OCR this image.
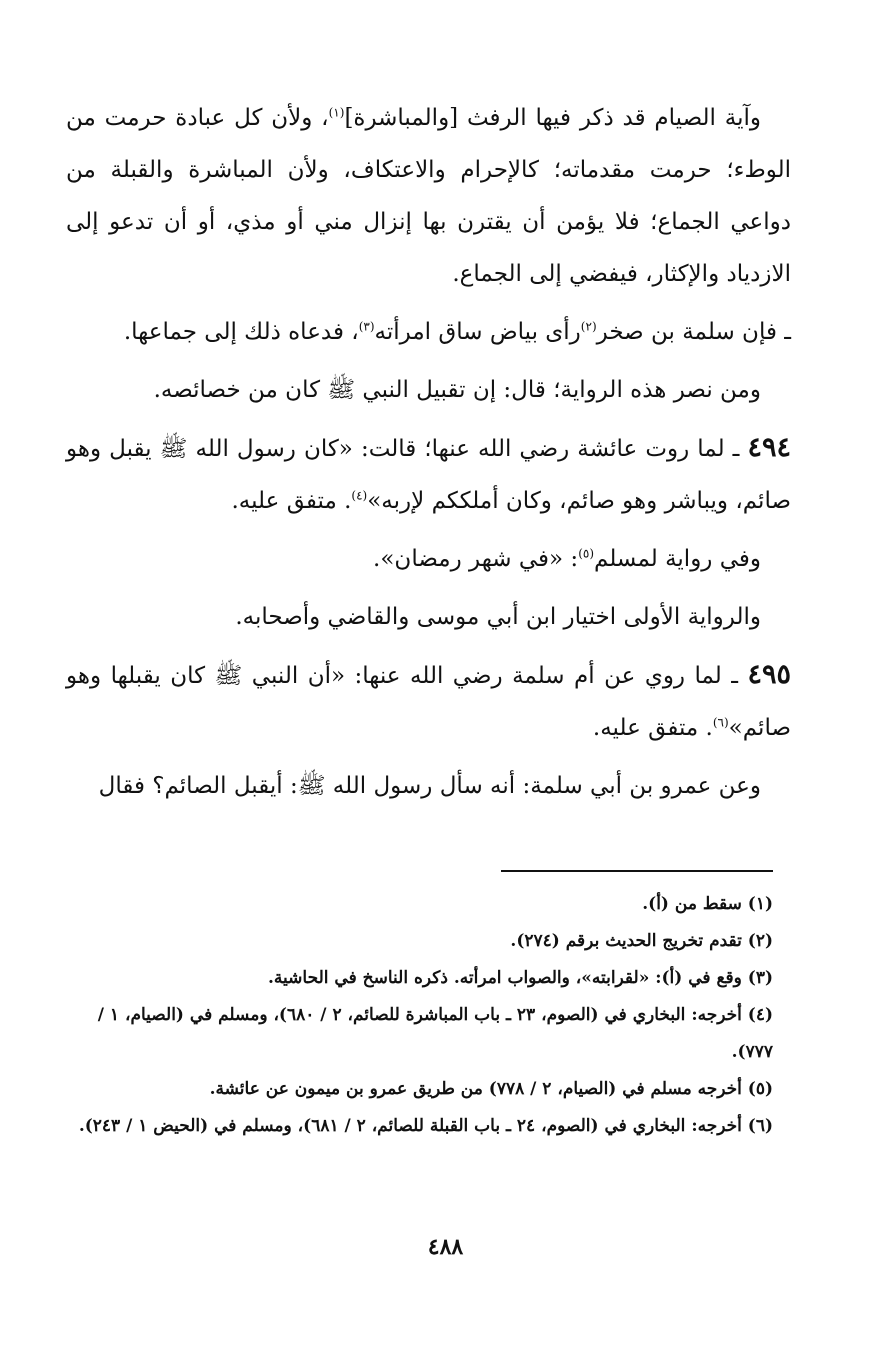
وآية الصيام قد ذكر فيها الرفث [والمباشرة]$^{(١)}$، ولأن كل عبادة حرمت من الوطء؛ حرمت مقدماته؛ كالإحرام والاعتكاف، ولأن المباشرة والقبلة من دواعي الجماع؛ فلا يؤمن أن يقترن بها إنزال مني أو مذي، أو أن تدعو إلى الازدياد والإكثار، فيفضي إلى الجماع.

ـ فإن سلمة بن صخر$^{(٢)}$رأى بياض ساق امرأته$^{(٣)}$، فدعاه ذلك إلى جماعها.

ومن نصر هذه الرواية؛ قال: إن تقبيل النبي ﷺ كان من خصائصه.

٤٩٤ ـ لما روت عائشة رضي الله عنها؛ قالت: «كان رسول الله ﷺ يقبل وهو صائم، ويباشر وهو صائم، وكان أملككم لإربه»$^{(٤)}$. متفق عليه.

وفي رواية لمسلم$^{(٥)}$: «في شهر رمضان».

والرواية الأولى اختيار ابن أبي موسى والقاضي وأصحابه.

٤٩٥ ـ لما روي عن أم سلمة رضي الله عنها: «أن النبي ﷺ كان يقبلها وهو صائم»$^{(٦)}$. متفق عليه.

وعن عمرو بن أبي سلمة: أنه سأل رسول الله ﷺ: أيقبل الصائم؟ فقال

(١) سقط من (أ).

(٢) تقدم تخريج الحديث برقم (٢٧٤).

(٣) وقع في (أ): «لقرابته»، والصواب امرأته. ذكره الناسخ في الحاشية.

(٤) أخرجه: البخاري في (الصوم، ٢٣ ـ باب المباشرة للصائم، ٢ / ٦٨٠)، ومسلم في (الصيام، ١ / ٧٧٧).

(٥) أخرجه مسلم في (الصيام، ٢ / ٧٧٨) من طريق عمرو بن ميمون عن عائشة.

(٦) أخرجه: البخاري في (الصوم، ٢٤ ـ باب القبلة للصائم، ٢ / ٦٨١)، ومسلم في (الحيض ١ / ٢٤٣).

٤٨٨
